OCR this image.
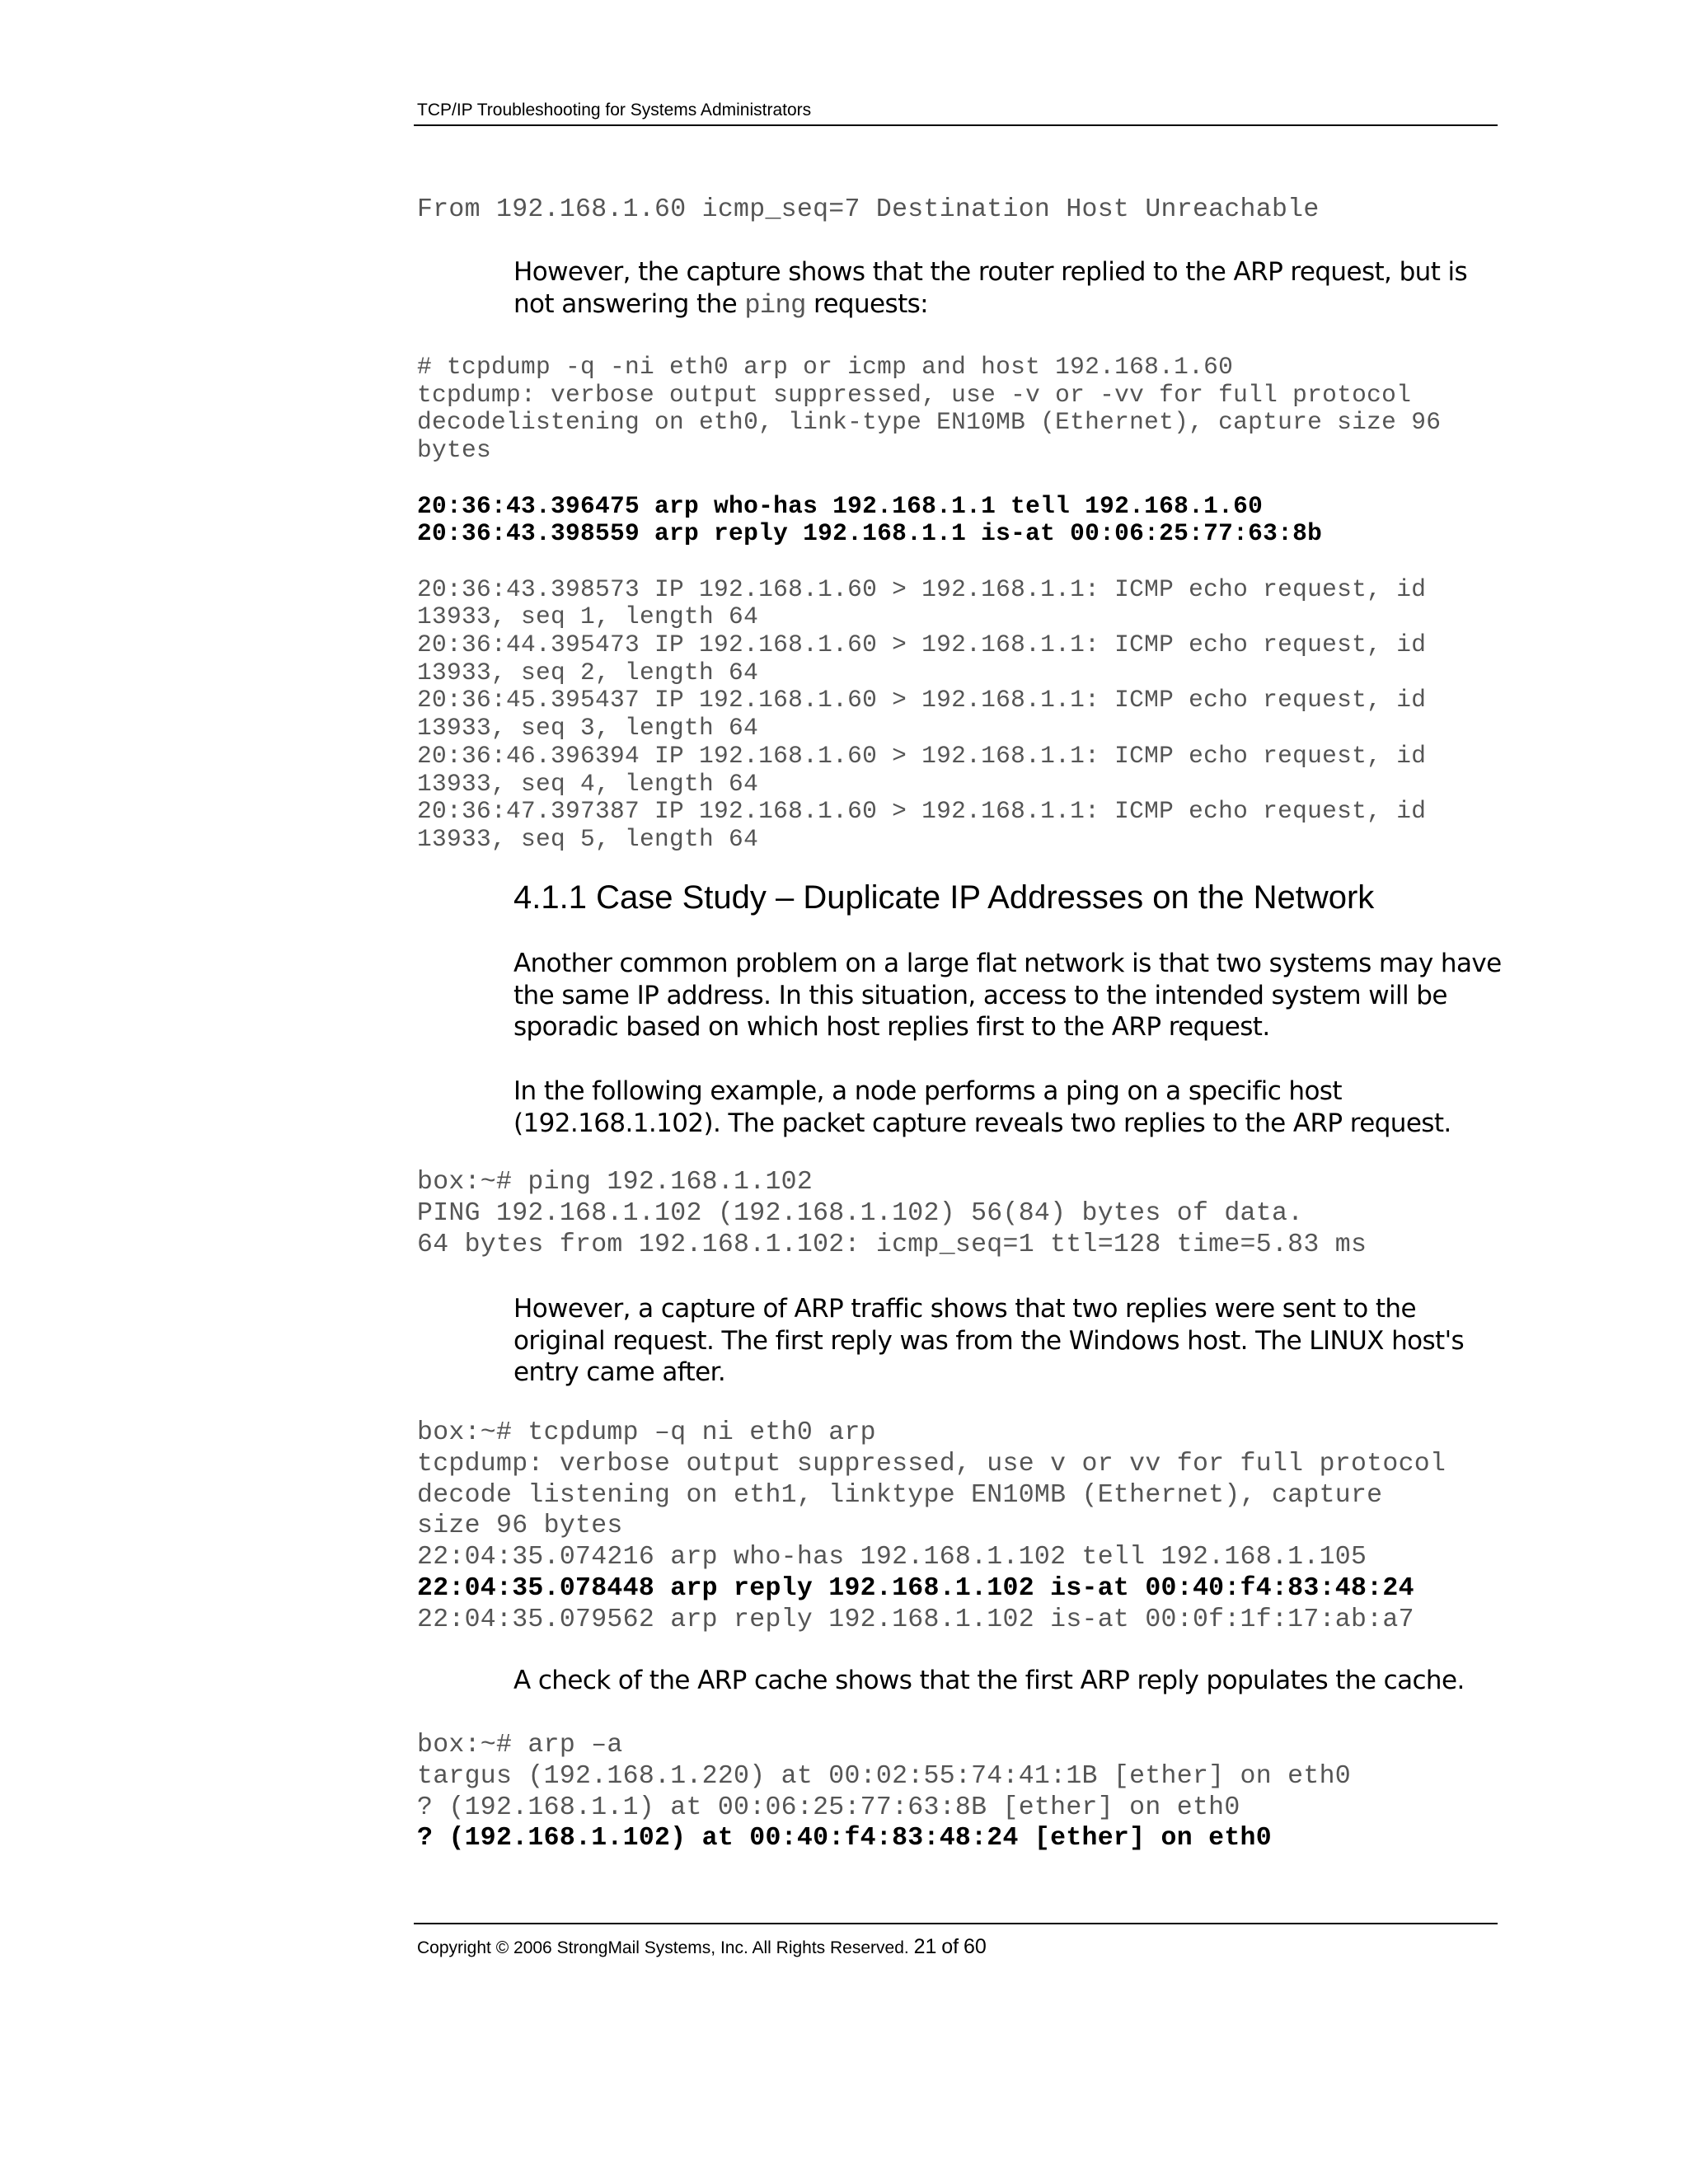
TCP/IP Troubleshooting for Systems Administrators
From 192.168.1.60 icmp_seq=7 Destination Host Unreachable

However, the capture shows that the router replied to the ARP request, but is not answering the ping requests:

# tcpdump -q -ni eth0 arp or icmp and host 192.168.1.60
tcpdump: verbose output suppressed, use -v or -vv for full protocol
decodelistening on eth0, link-type EN10MB (Ethernet), capture size 96
bytes

20:36:43.396475 arp who-has 192.168.1.1 tell 192.168.1.60
20:36:43.398559 arp reply 192.168.1.1 is-at 00:06:25:77:63:8b

20:36:43.398573 IP 192.168.1.60 > 192.168.1.1: ICMP echo request, id
13933, seq 1, length 64
20:36:44.395473 IP 192.168.1.60 > 192.168.1.1: ICMP echo request, id
13933, seq 2, length 64
20:36:45.395437 IP 192.168.1.60 > 192.168.1.1: ICMP echo request, id
13933, seq 3, length 64
20:36:46.396394 IP 192.168.1.60 > 192.168.1.1: ICMP echo request, id
13933, seq 4, length 64
20:36:47.397387 IP 192.168.1.60 > 192.168.1.1: ICMP echo request, id
13933, seq 5, length 64
4.1.1 Case Study – Duplicate IP Addresses on the Network

Another common problem on a large flat network is that two systems may have the same IP address. In this situation, access to the intended system will be sporadic based on which host replies first to the ARP request.

In the following example, a node performs a ping on a specific host (192.168.1.102). The packet capture reveals two replies to the ARP request.

box:~# ping 192.168.1.102
PING 192.168.1.102 (192.168.1.102) 56(84) bytes of data.
64 bytes from 192.168.1.102: icmp_seq=1 ttl=128 time=5.83 ms

However, a capture of ARP traffic shows that two replies were sent to the original request. The first reply was from the Windows host. The LINUX host's entry came after.

box:~# tcpdump –q ni eth0 arp
tcpdump: verbose output suppressed, use v or vv for full protocol
decode listening on eth1, linktype EN10MB (Ethernet), capture
size 96 bytes
22:04:35.074216 arp who-has 192.168.1.102 tell 192.168.1.105
22:04:35.078448 arp reply 192.168.1.102 is-at 00:40:f4:83:48:24
22:04:35.079562 arp reply 192.168.1.102 is-at 00:0f:1f:17:ab:a7

A check of the ARP cache shows that the first ARP reply populates the cache.

box:~# arp –a
targus (192.168.1.220) at 00:02:55:74:41:1B [ether] on eth0
? (192.168.1.1) at 00:06:25:77:63:8B [ether] on eth0
? (192.168.1.102) at 00:40:f4:83:48:24 [ether] on eth0
Copyright © 2006 StrongMail Systems, Inc. All Rights Reserved. 21 of 60
